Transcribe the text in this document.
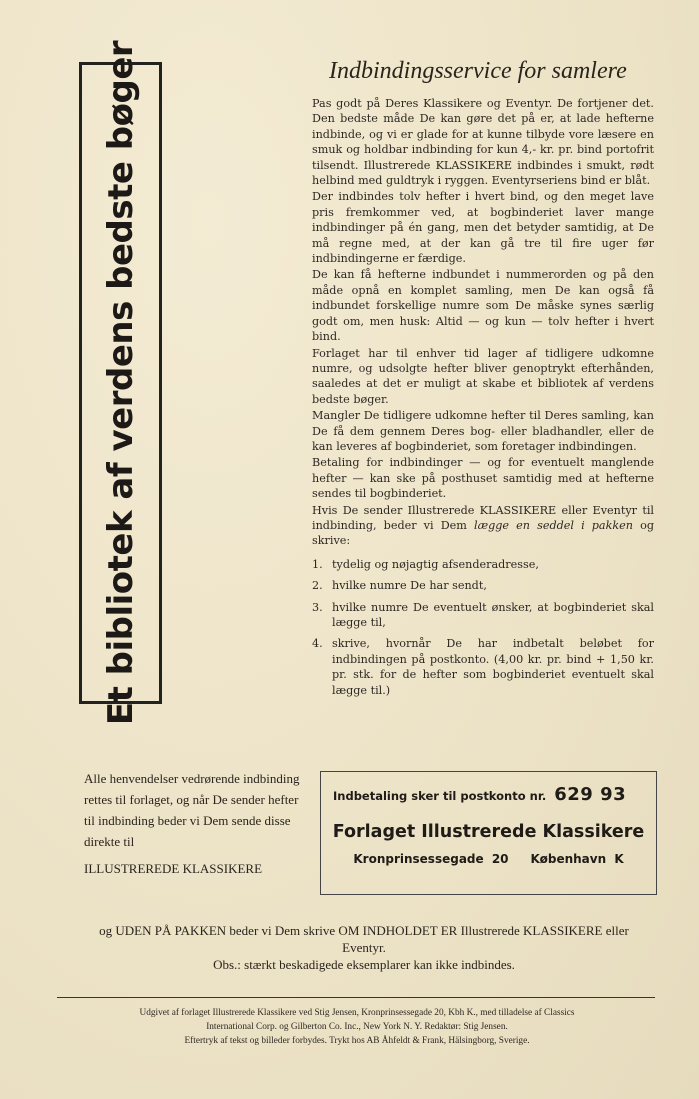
Et bibliotek af verdens bedste bøger	Indbindingsservice for samlere

Pas godt på Deres Klassikere og Eventyr. De fortjener det. Den bedste måde De kan gøre det på er, at lade hefterne indbinde, og vi er glade for at kunne tilbyde vore læsere en smuk og holdbar indbinding for kun 4,- kr. pr. bind portofrit tilsendt. Illustrerede KLASSIKERE indbindes i smukt, rødt helbind med guldtryk i ryggen. Eventyrseriens bind er blåt.

Der indbindes tolv hefter i hvert bind, og den meget lave pris fremkommer ved, at bogbinderiet laver mange indbindinger på én gang, men det betyder samtidig, at De må regne med, at der kan gå tre til fire uger før indbindingerne er færdige.

De kan få hefterne indbundet i nummerorden og på den måde opnå en komplet samling, men De kan også få indbundet forskellige numre som De måske synes særlig godt om, men husk: Altid — og kun — tolv hefter i hvert bind.

Forlaget har til enhver tid lager af tidligere udkomne numre, og udsolgte hefter bliver genoptrykt efterhånden, saaledes at det er muligt at skabe et bibliotek af verdens bedste bøger.

Mangler De tidligere udkomne hefter til Deres samling, kan De få dem gennem Deres bog- eller bladhandler, eller de kan leveres af bogbinderiet, som foretager indbindingen.

Betaling for indbindinger — og for eventuelt manglende hefter — kan ske på posthuset samtidig med at hefterne sendes til bogbinderiet.

Hvis De sender Illustrerede KLASSIKERE eller Eventyr til indbinding, beder vi Dem lægge en seddel i pakken og skrive:

1. tydelig og nøjagtig afsenderadresse,
2. hvilke numre De har sendt,
3. hvilke numre De eventuelt ønsker, at bogbinderiet skal lægge til,
4. skrive, hvornår De har indbetalt beløbet for indbindingen på postkonto. (4,00 kr. pr. bind + 1,50 kr. pr. stk. for de hefter som bogbinderiet eventuelt skal lægge til.)
Alle henvendelser vedrørende indbinding rettes til forlaget, og når De sender hefter til indbinding beder vi Dem sende disse direkte til
ILLUSTREREDE KLASSIKERE
Indbetaling sker til postkonto nr. 629 93
Forlaget Illustrerede Klassikere
Kronprinsessegade 20 København K
og UDEN PÅ PAKKEN beder vi Dem skrive OM INDHOLDET ER Illustrerede KLASSIKERE eller Eventyr.
Obs.: stærkt beskadigede eksemplarer kan ikke indbindes.
Udgivet af forlaget Illustrerede Klassikere ved Stig Jensen, Kronprinsessegade 20, Kbh K., med tilladelse af Classics
International Corp. og Gilberton Co. Inc., New York N. Y. Redaktør: Stig Jensen.
Eftertryk af tekst og billeder forbydes. Trykt hos AB Åhfeldt & Frank, Hälsingborg, Sverige.
